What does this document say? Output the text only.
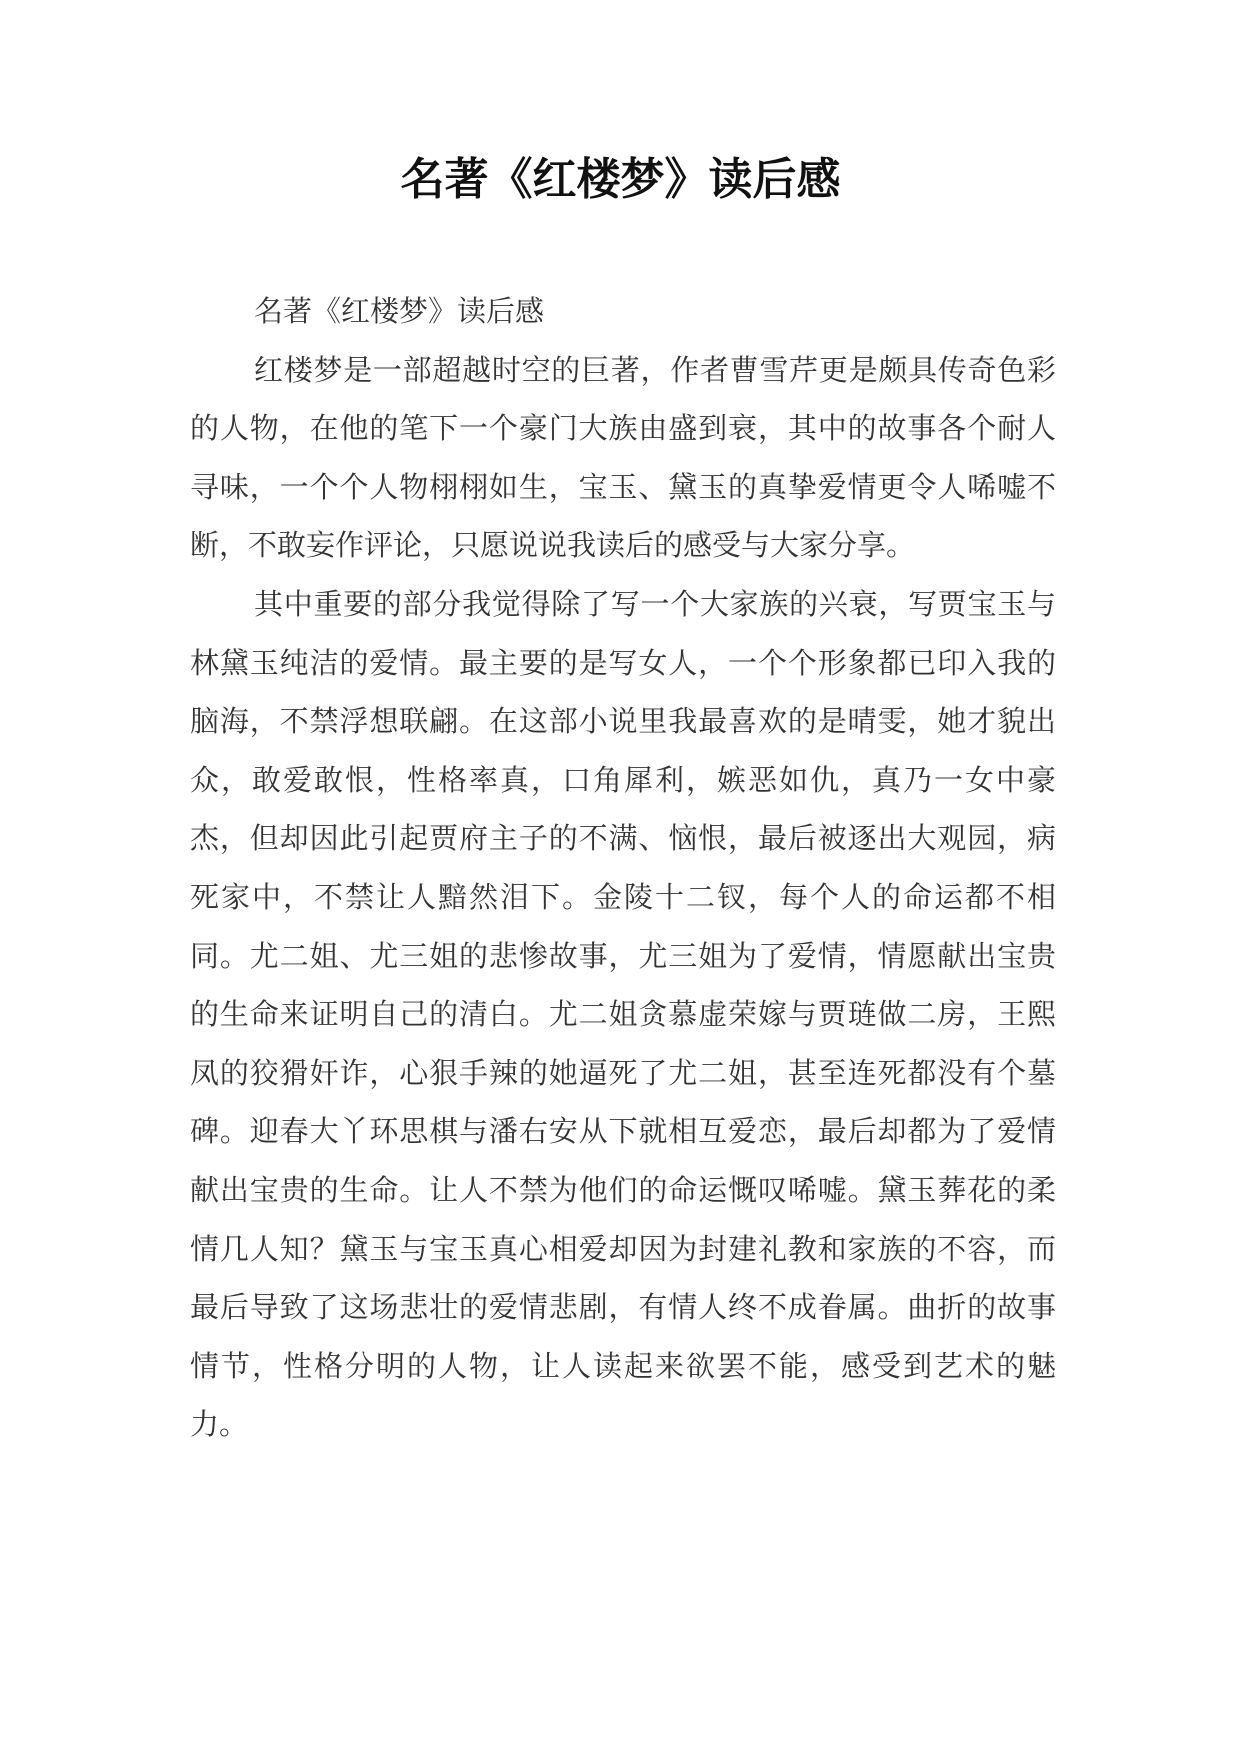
名著《红楼梦》读后感

名著《红楼梦》读后感

红楼梦是一部超越时空的巨著，作者曹雪芹更是颇具传奇色彩的人物，在他的笔下一个豪门大族由盛到衰，其中的故事各个耐人寻味，一个个人物栩栩如生，宝玉、黛玉的真挚爱情更令人唏嘘不断，不敢妄作评论，只愿说说我读后的感受与大家分享。

其中重要的部分我觉得除了写一个大家族的兴衰，写贾宝玉与林黛玉纯洁的爱情。最主要的是写女人，一个个形象都已印入我的脑海，不禁浮想联翩。在这部小说里我最喜欢的是晴雯，她才貌出众，敢爱敢恨，性格率真，口角犀利，嫉恶如仇，真乃一女中豪杰，但却因此引起贾府主子的不满、恼恨，最后被逐出大观园，病死家中，不禁让人黯然泪下。金陵十二钗，每个人的命运都不相同。尤二姐、尤三姐的悲惨故事，尤三姐为了爱情，情愿献出宝贵的生命来证明自己的清白。尤二姐贪慕虚荣嫁与贾琏做二房，王熙凤的狡猾奸诈，心狠手辣的她逼死了尤二姐，甚至连死都没有个墓碑。迎春大丫环思棋与潘右安从下就相互爱恋，最后却都为了爱情献出宝贵的生命。让人不禁为他们的命运慨叹唏嘘。黛玉葬花的柔情几人知？黛玉与宝玉真心相爱却因为封建礼教和家族的不容，而最后导致了这场悲壮的爱情悲剧，有情人终不成眷属。曲折的故事情节，性格分明的人物，让人读起来欲罢不能，感受到艺术的魅力。
